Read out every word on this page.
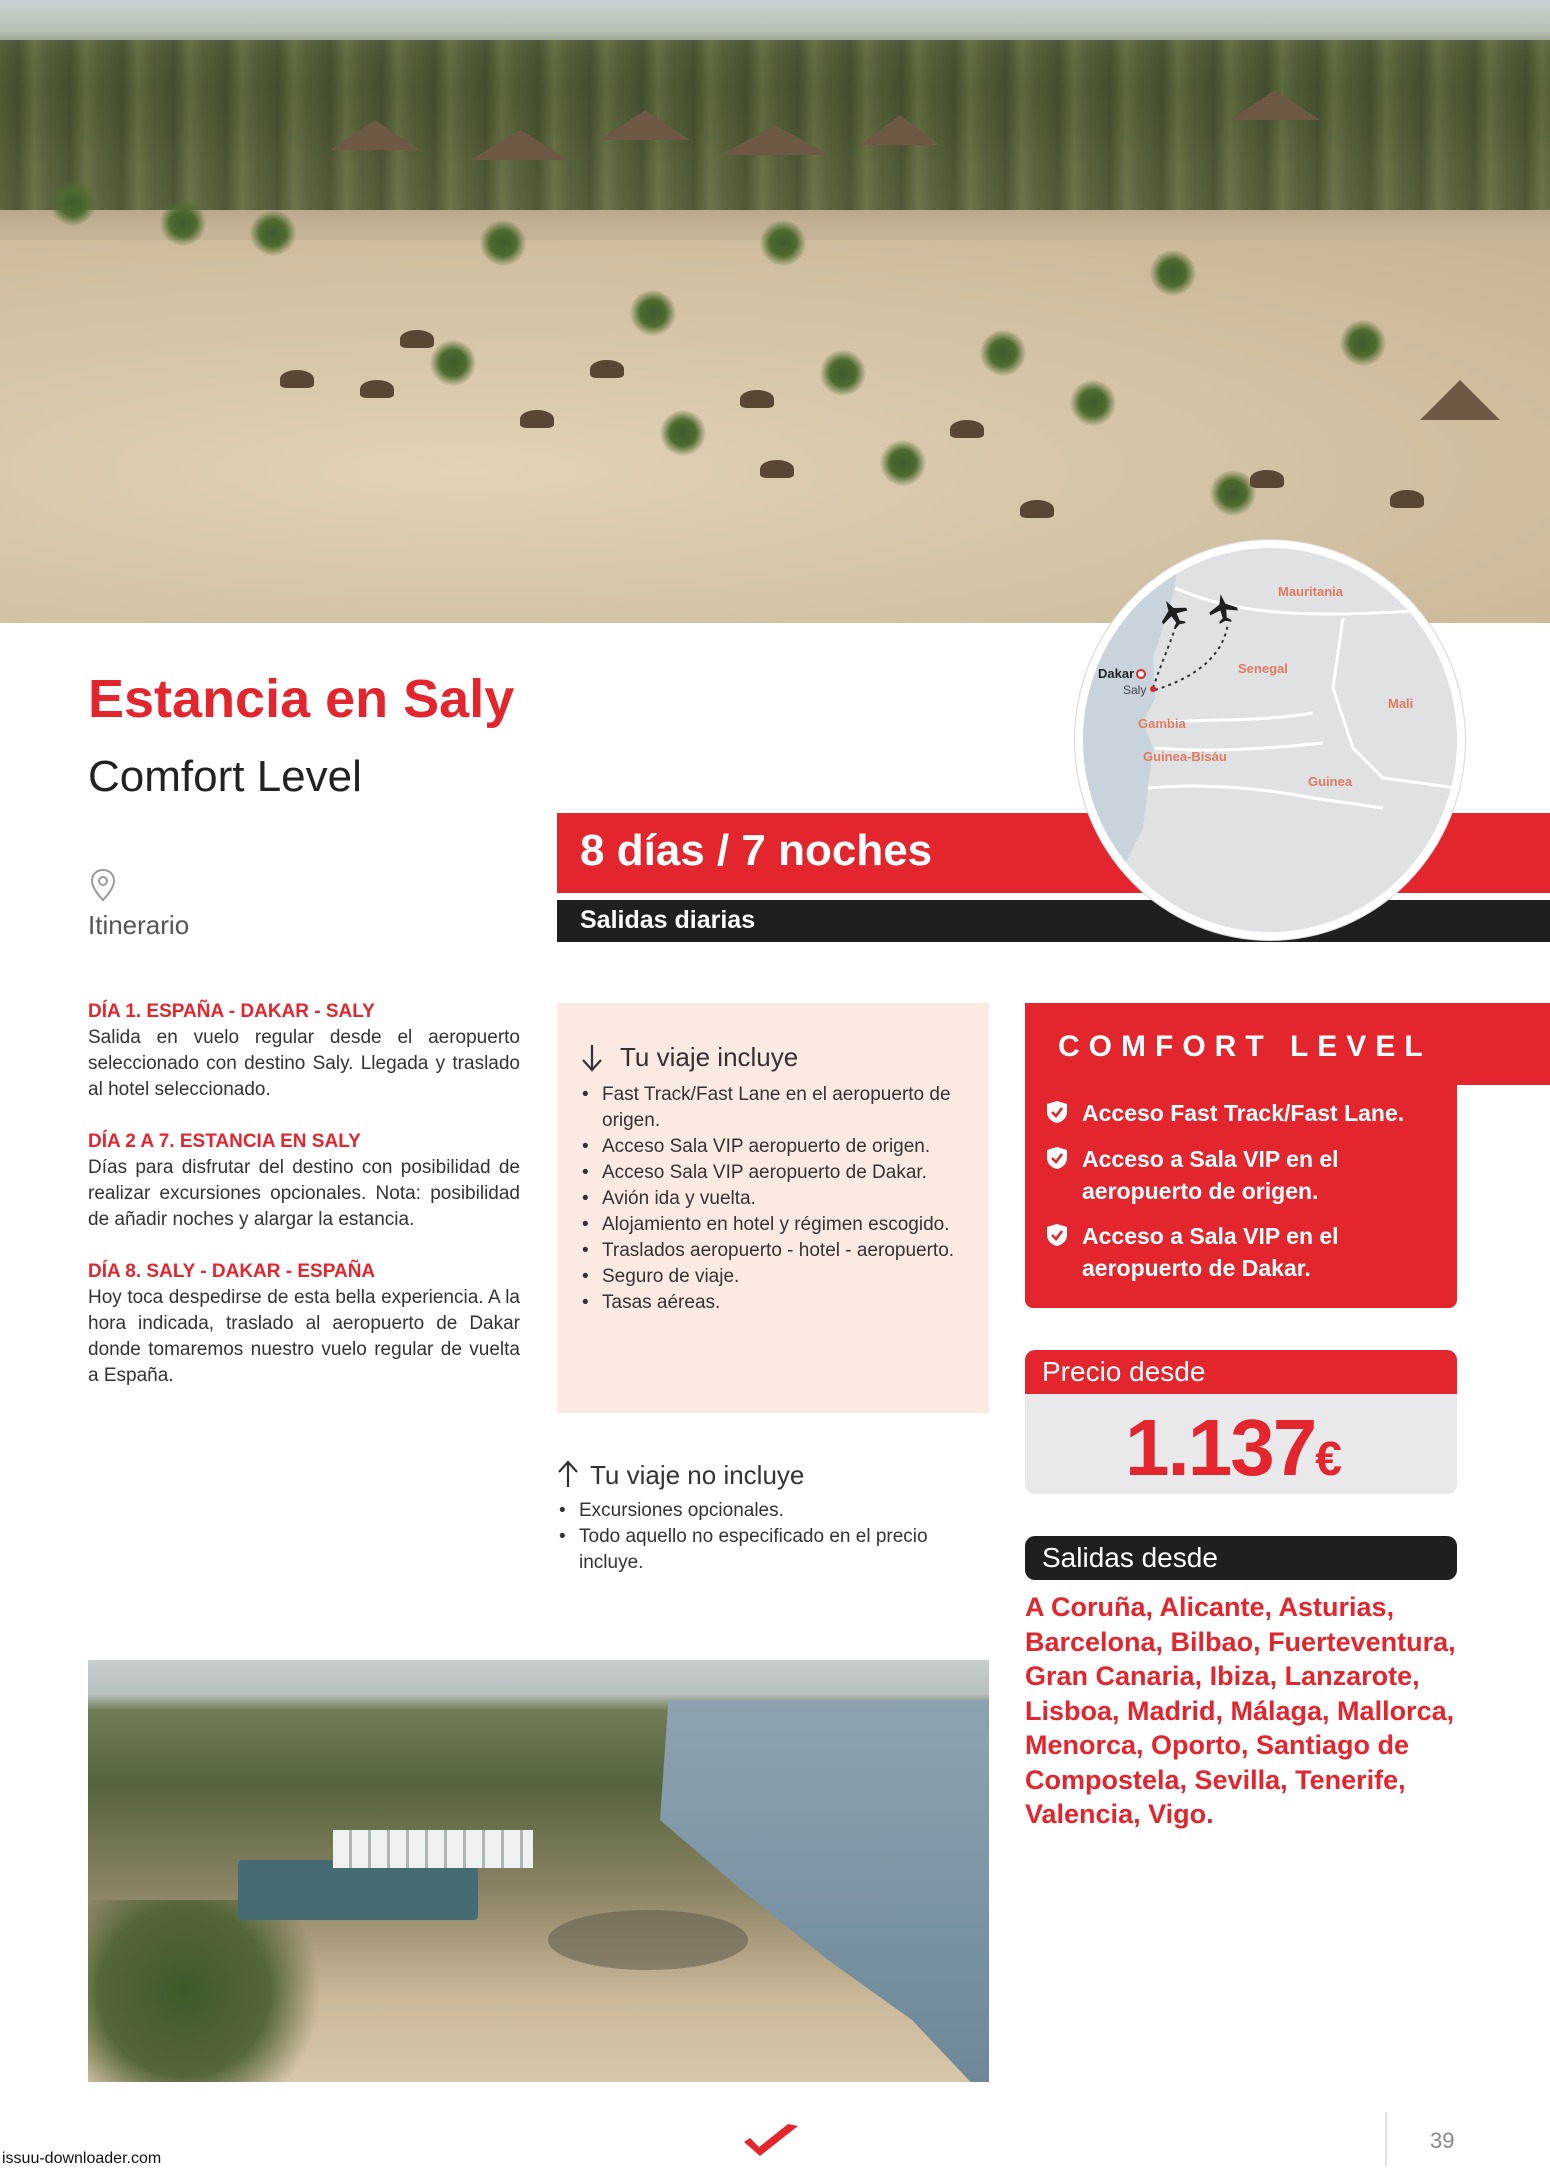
Estancia en Saly
Comfort Level
Itinerario
8 días / 7 noches
Salidas diarias
Mauritania
Dakar
Saly
Senegal
Mali
Gambia
Guinea-Bisáu
Guinea
DÍA 1. ESPAÑA - DAKAR - SALY
Salida en vuelo regular desde el aeropuerto seleccionado con destino Saly. Llegada y traslado al hotel seleccionado.
DÍA 2 A 7. ESTANCIA EN SALY
Días para disfrutar del destino con posibilidad de realizar excursiones opcionales. Nota: posibilidad de añadir noches y alargar la estancia.
DÍA 8. SALY - DAKAR - ESPAÑA
Hoy toca despedirse de esta bella experiencia. A la hora indicada, traslado al aeropuerto de Dakar donde tomaremos nuestro vuelo regular de vuelta a España.
Tu viaje incluye
• Fast Track/Fast Lane en el aeropuerto de origen.
• Acceso Sala VIP aeropuerto de origen.
• Acceso Sala VIP aeropuerto de Dakar.
• Avión ida y vuelta.
• Alojamiento en hotel y régimen escogido.
• Traslados aeropuerto - hotel - aeropuerto.
• Seguro de viaje.
• Tasas aéreas.
Tu viaje no incluye
• Excursiones opcionales.
• Todo aquello no especificado en el precio incluye.
COMFORT LEVEL
Acceso Fast Track/Fast Lane.
Acceso a Sala VIP en el aeropuerto de origen.
Acceso a Sala VIP en el aeropuerto de Dakar.
Precio desde
1.137€
Salidas desde
A Coruña, Alicante, Asturias, Barcelona, Bilbao, Fuerteventura, Gran Canaria, Ibiza, Lanzarote, Lisboa, Madrid, Málaga, Mallorca, Menorca, Oporto, Santiago de Compostela, Sevilla, Tenerife, Valencia, Vigo.
39
issuu-downloader.com
